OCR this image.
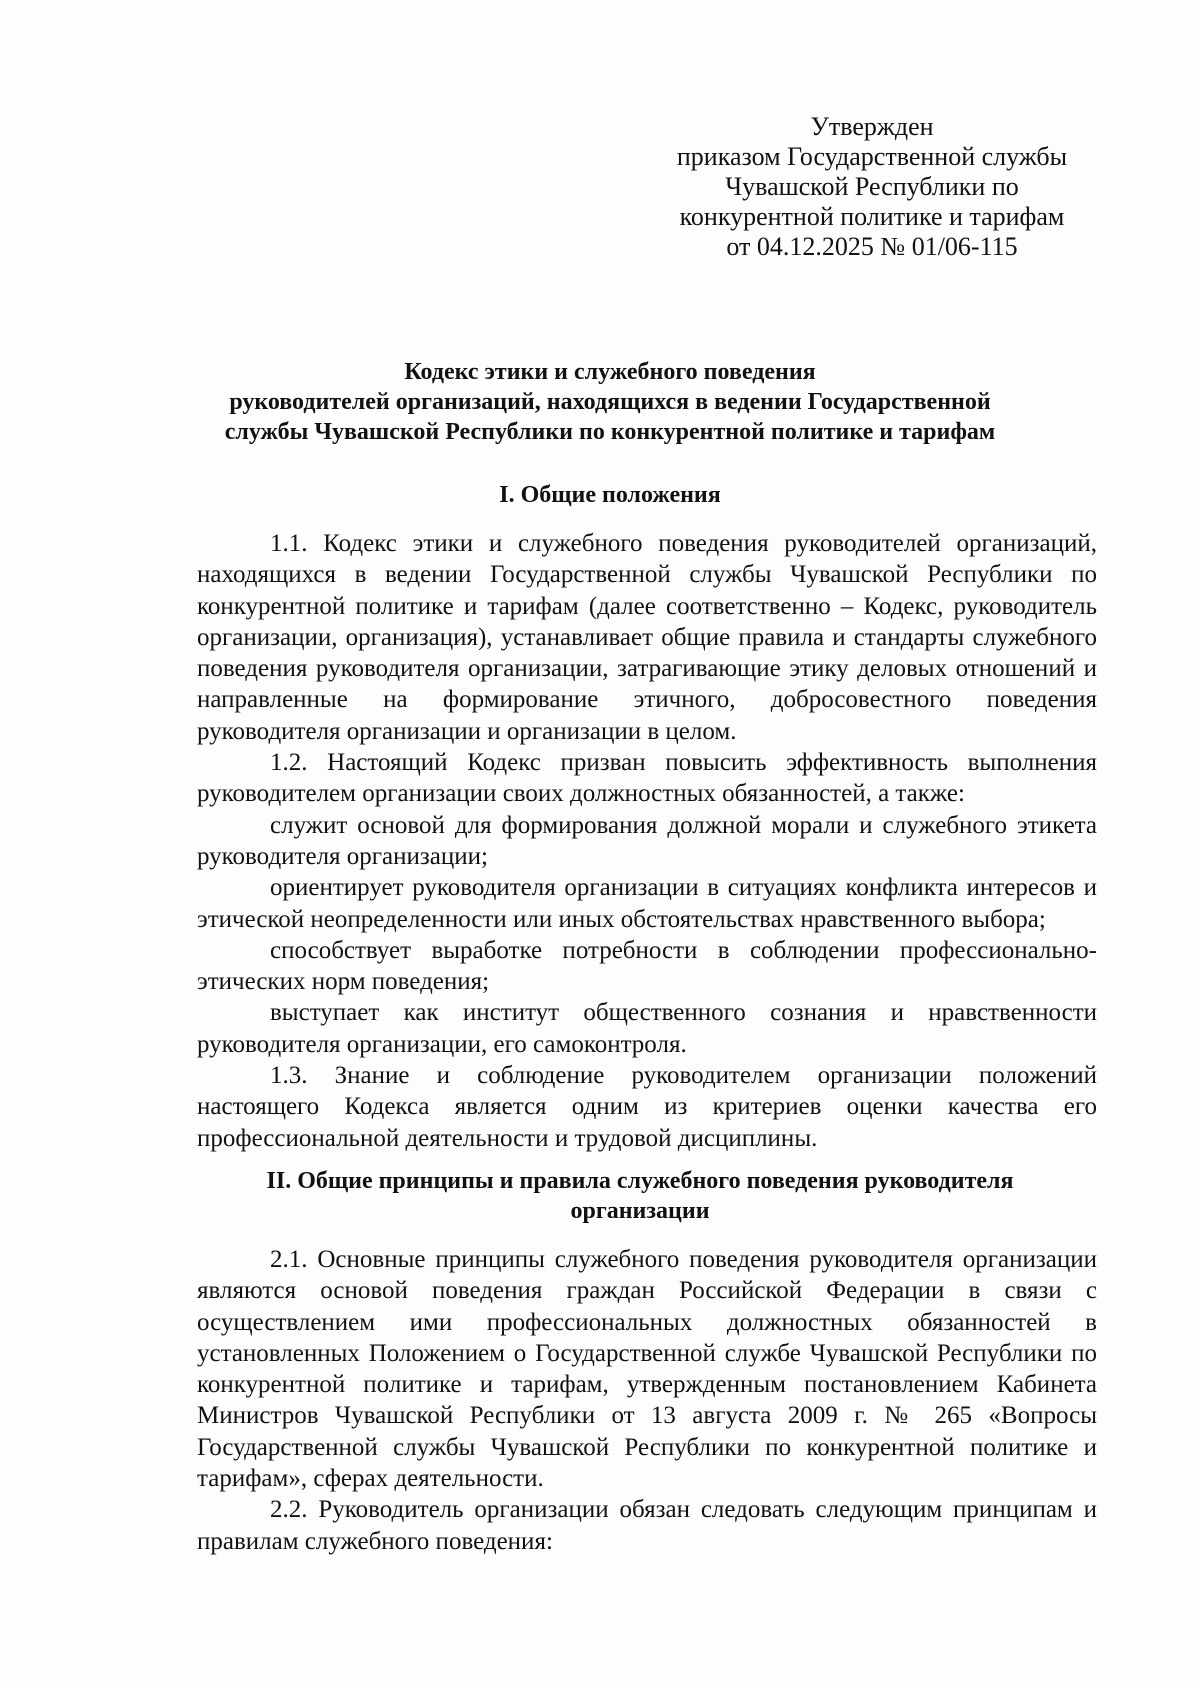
Утвержден
приказом Государственной службы
Чувашской Республики по
конкурентной политике и тарифам
от 04.12.2025 № 01/06-115
Кодекс этики и служебного поведения
руководителей организаций, находящихся в ведении Государственной
службы Чувашской Республики по конкурентной политике и тарифам
I. Общие положения

1.1. Кодекс этики и служебного поведения руководителей организаций, находящихся в ведении Государственной службы Чувашской Республики по конкурентной политике и тарифам (далее соответственно – Кодекс, руководитель организации, организация), устанавливает общие правила и стандарты служебного поведения руководителя организации, затрагивающие этику деловых отношений и направленные на формирование этичного, добросовестного поведения руководителя организации и организации в целом.

1.2. Настоящий Кодекс призван повысить эффективность выполнения руководителем организации своих должностных обязанностей, а также:

служит основой для формирования должной морали и служебного этикета руководителя организации;

ориентирует руководителя организации в ситуациях конфликта интересов и этической неопределенности или иных обстоятельствах нравственного выбора;

способствует выработке потребности в соблюдении профессионально-этических норм поведения;

выступает как институт общественного сознания и нравственности руководителя организации, его самоконтроля.

1.3. Знание и соблюдение руководителем организации положений настоящего Кодекса является одним из критериев оценки качества его профессиональной деятельности и трудовой дисциплины.

II. Общие принципы и правила служебного поведения руководителя
организации

2.1. Основные принципы служебного поведения руководителя организации являются основой поведения граждан Российской Федерации в связи с осуществлением ими профессиональных должностных обязанностей в установленных Положением о Государственной службе Чувашской Республики по конкурентной политике и тарифам, утвержденным постановлением Кабинета Министров Чувашской Республики от 13 августа 2009 г. № 265 «Вопросы Государственной службы Чувашской Республики по конкурентной политике и тарифам», сферах деятельности.

2.2. Руководитель организации обязан следовать следующим принципам и правилам служебного поведения:
